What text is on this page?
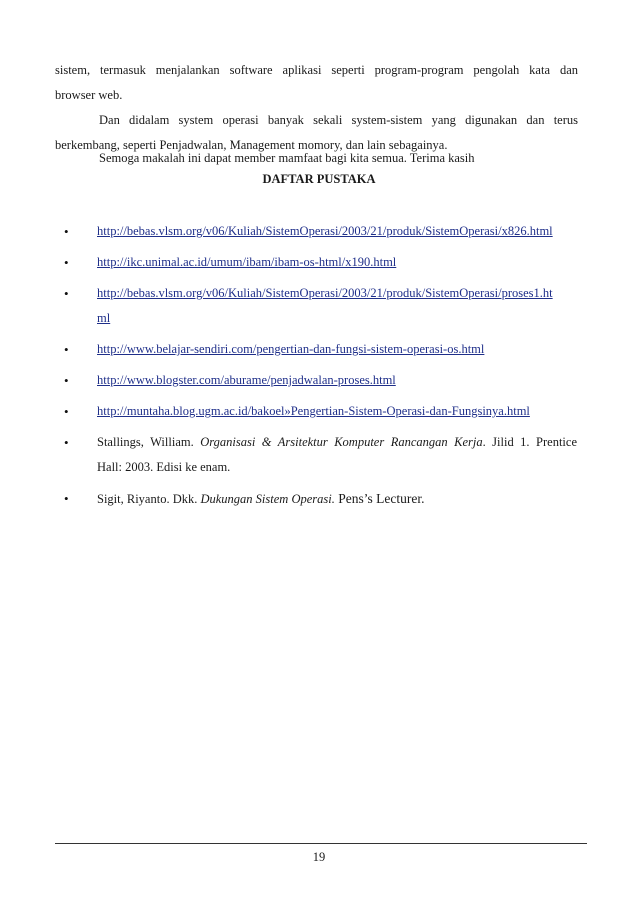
sistem, termasuk menjalankan software aplikasi seperti program-program pengolah kata dan
browser web.
Dan didalam system operasi banyak sekali system-sistem yang digunakan dan terus
berkembang, seperti Penjadwalan, Management momory, dan lain sebagainya.
Semoga makalah ini dapat member mamfaat bagi kita semua. Terima kasih
DAFTAR PUSTAKA
• http://bebas.vlsm.org/v06/Kuliah/SistemOperasi/2003/21/produk/SistemOperasi/x826.html
• http://ikc.unimal.ac.id/umum/ibam/ibam-os-html/x190.html
• http://bebas.vlsm.org/v06/Kuliah/SistemOperasi/2003/21/produk/SistemOperasi/proses1.ht
ml
• http://www.belajar-sendiri.com/pengertian-dan-fungsi-sistem-operasi-os.html
• http://www.blogster.com/aburame/penjadwalan-proses.html
• http://muntaha.blog.ugm.ac.id/bakoel»Pengertian-Sistem-Operasi-dan-Fungsinya.html
• Stallings, William. Organisasi & Arsitektur Komputer Rancangan Kerja. Jilid 1. Prentice
Hall: 2003. Edisi ke enam.
• Sigit, Riyanto. Dkk. Dukungan Sistem Operasi. Pens’s Lecturer.
19
